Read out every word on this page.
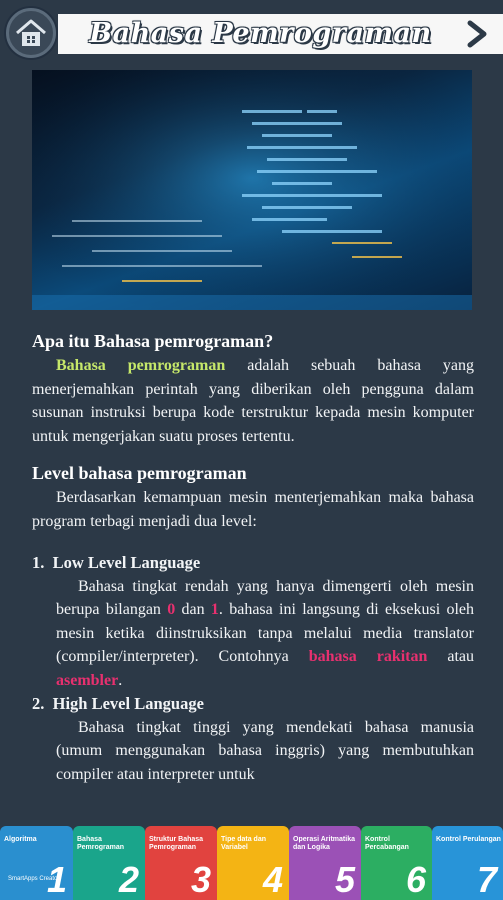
Bahasa Pemrograman
Apa itu Bahasa pemrograman?

Bahasa pemrograman adalah sebuah bahasa yang menerjemahkan perintah yang diberikan oleh pengguna dalam susunan instruksi berupa kode terstruktur kepada mesin komputer untuk mengerjakan suatu proses tertentu.

Level bahasa pemrograman

Berdasarkan kemampuan mesin menterjemahkan maka bahasa program terbagi menjadi dua level:

1. Low Level Language

Bahasa tingkat rendah yang hanya dimengerti oleh mesin berupa bilangan 0 dan 1. bahasa ini langsung di eksekusi oleh mesin ketika diinstruksikan tanpa melalui media translator (compiler/interpreter). Contohnya bahasa rakitan atau asembler.

2. High Level Language

Bahasa tingkat tinggi yang mendekati bahasa manusia (umum menggunakan bahasa inggris) yang membutuhkan compiler atau interpreter untuk

Algoritma
SmartApps Creator
1
Bahasa Pemrograman
2
Struktur Bahasa Pemrograman
3
Tipe data dan Variabel
4
Operasi Aritmatika dan Logika
5
Kontrol Percabangan
6
Kontrol Perulangan
7
